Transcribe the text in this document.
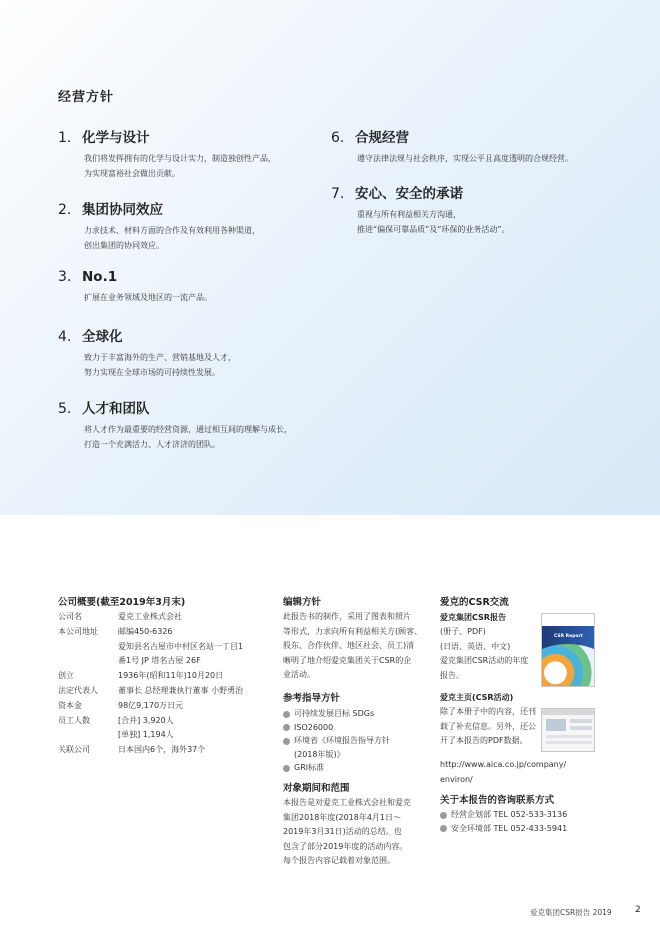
经营方针
1. 化学与设计
我们将发挥拥有的化学与设计实力，制造独创性产品，
为实现富裕社会做出贡献。
2. 集团协同效应
力求技术、材料方面的合作及有效利用各种渠道，
创出集团的协同效应。
3. No.1
扩展在业务领域及地区的一流产品。
4. 全球化
致力于丰富海外的生产、营销基地及人才，
努力实现在全球市场的可持续性发展。
5. 人才和团队
将人才作为最重要的经营资源，通过相互间的理解与成长，
打造一个充满活力、人才济济的团队。
6. 合规经营
遵守法律法规与社会秩序，实现公平且高度透明的合规经营。
7. 安心、安全的承诺
重视与所有利益相关方沟通，
推进“偏保可靠品质”及“环保的业务活动”。
公司概要(截至2019年3月末)
公司名	爱克工业株式会社
本公司地址	邮编450-6326
爱知县名古屋市中村区名站一丁目1
番1号 JP 塔名古屋 26F
创立	1936年(昭和11年)10月20日
法定代表人	董事长 总经理兼执行董事 小野勇治
资本金	98亿9,170万日元
员工人数	[合并] 3,920人
[单独] 1,194人
关联公司	日本国内6个，海外37个
编辑方针
此报告书的制作，采用了图表和照片
等形式，力求向所有利益相关方(顾客、
股东、合作伙伴、地区社会、员工)清
晰明了地介绍爱克集团关于CSR的企
业活动。
参考指导方针
可持续发展目标 SDGs
ISO26000
环境省《环境报告指导方针
(2018年版)》
GRI标准
对象期间和范围
本报告是对爱克工业株式会社和爱克
集团2018年度(2018年4月1日～
2019年3月31日)活动的总结。也
包含了部分2019年度的活动内容。
每个报告内容记载着对象范围。
爱克的CSR交流
爱克集团CSR报告
(册子、PDF)
(日语、英语、中文)
爱克集团CSR活动的年度
报告。
CSR Report
爱克主页(CSR活动)
除了本册子中的内容，还刊
载了补充信息。另外，还公
开了本报告的PDF数据。
http://www.aica.co.jp/company/
environ/
关于本报告的咨询联系方式
经营企划部 TEL 052-533-3136
安全环境部 TEL 052-433-5941
爱克集团CSR报告 2019	2
